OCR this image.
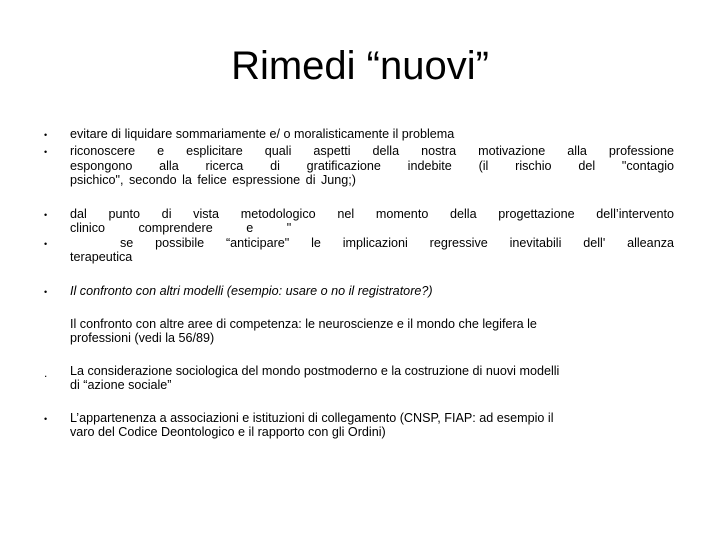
Rimedi “nuovi”
•
•
evitare di liquidare sommariamente e/ o moralisticamente il problema
riconoscere e esplicitare quali aspetti della nostra motivazione alla professione
espongono alla ricerca di gratificazione indebite (il rischio del "contagio
psichico", secondo la felice espressione di Jung;)
•
•
dal punto di vista metodologico nel momento della progettazione dell’intervento
clinico comprendere e "
se possibile “anticipare" le implicazioni regressive inevitabili dell' alleanza
terapeutica
• Il confronto con altri modelli (esempio: usare o no il registratore?)
Il confronto con altre aree di competenza: le neuroscienze e il mondo che legifera le
professioni (vedi la 56/89)
. La considerazione sociologica del mondo postmoderno e la costruzione di nuovi modelli
di “azione sociale”
• L’appartenenza a associazioni e istituzioni di collegamento (CNSP, FIAP: ad esempio il
varo del Codice Deontologico e il rapporto con gli Ordini)
